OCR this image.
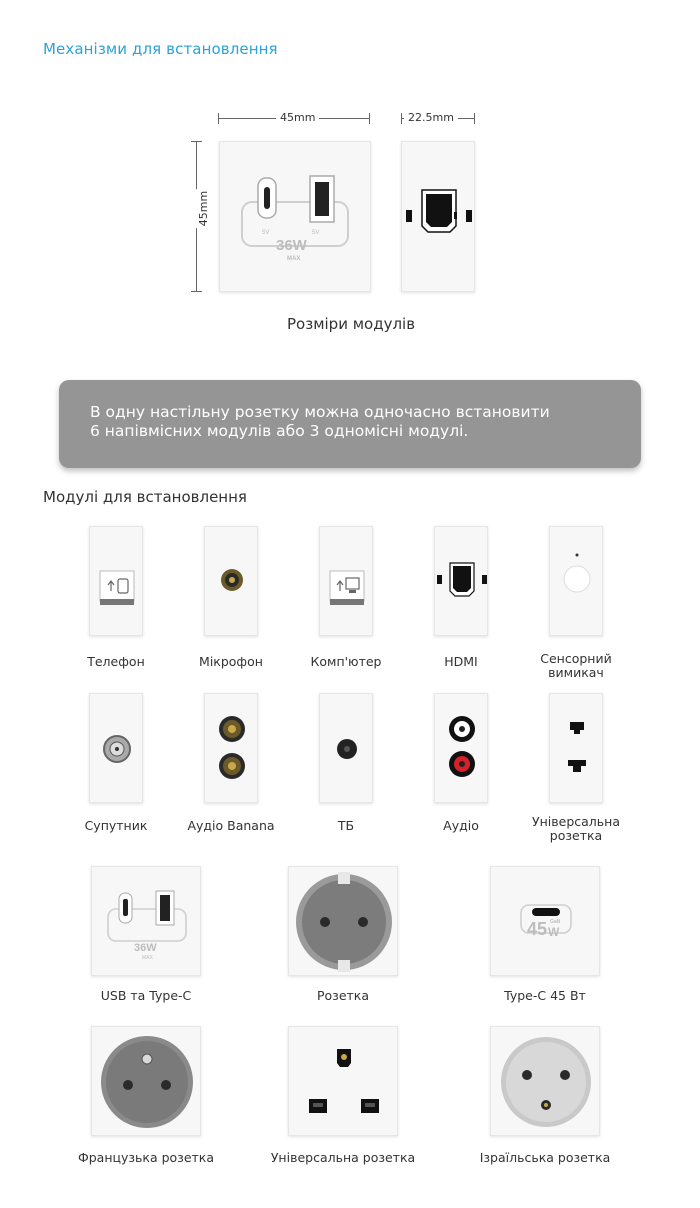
Механізми для встановлення
45mm	22.5mm
45mm
5V	5V
36W
MAX
Розміри модулів
В одну настільну розетку можна одночасно встановити
6 напівмісних модулів або 3 одномісні модулі.
Модулі для встановлення
Телефон	Мікрофон	Комп'ютер	HDMI	Сенсорний вимикач
Супутник	Аудіо Banana	ТБ	Аудіо	Універсальна розетка
36W
MAX
45 W
GaN
USB та Type-C	Розетка	Type-C 45 Вт
Французька розетка	Універсальна розетка	Ізраїльська розетка
